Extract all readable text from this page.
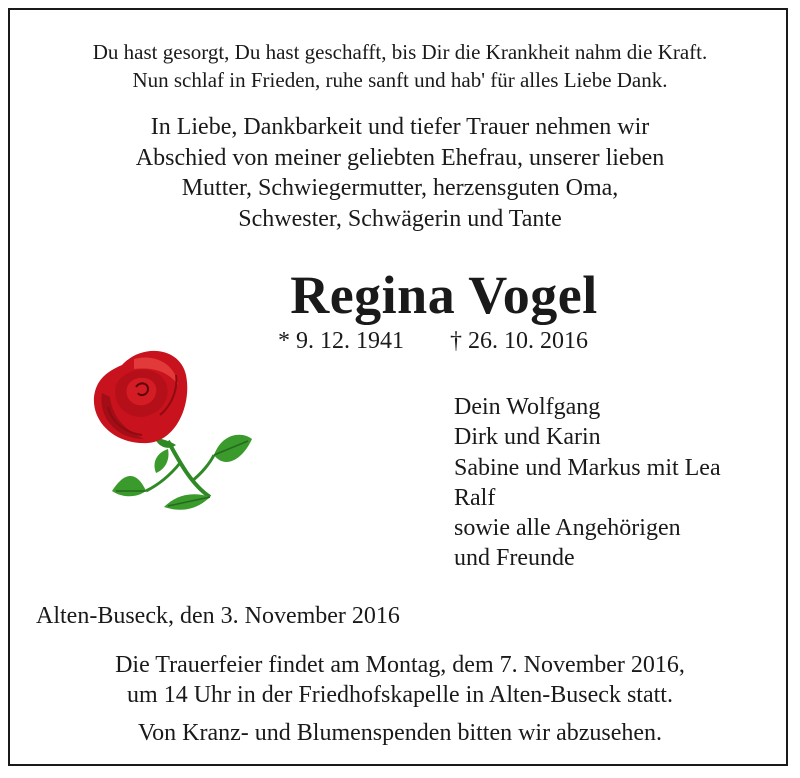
Du hast gesorgt, Du hast geschafft, bis Dir die Krankheit nahm die Kraft.
Nun schlaf in Frieden, ruhe sanft und hab' für alles Liebe Dank.
In Liebe, Dankbarkeit und tiefer Trauer nehmen wir
Abschied von meiner geliebten Ehefrau, unserer lieben
Mutter, Schwiegermutter, herzensguten Oma,
Schwester, Schwägerin und Tante
Regina Vogel
* 9. 12. 1941 † 26. 10. 2016
Dein Wolfgang
Dirk und Karin
Sabine und Markus mit Lea
Ralf
sowie alle Angehörigen
und Freunde
Alten-Buseck, den 3. November 2016
Die Trauerfeier findet am Montag, dem 7. November 2016,
um 14 Uhr in der Friedhofskapelle in Alten-Buseck statt.
Von Kranz- und Blumenspenden bitten wir abzusehen.
